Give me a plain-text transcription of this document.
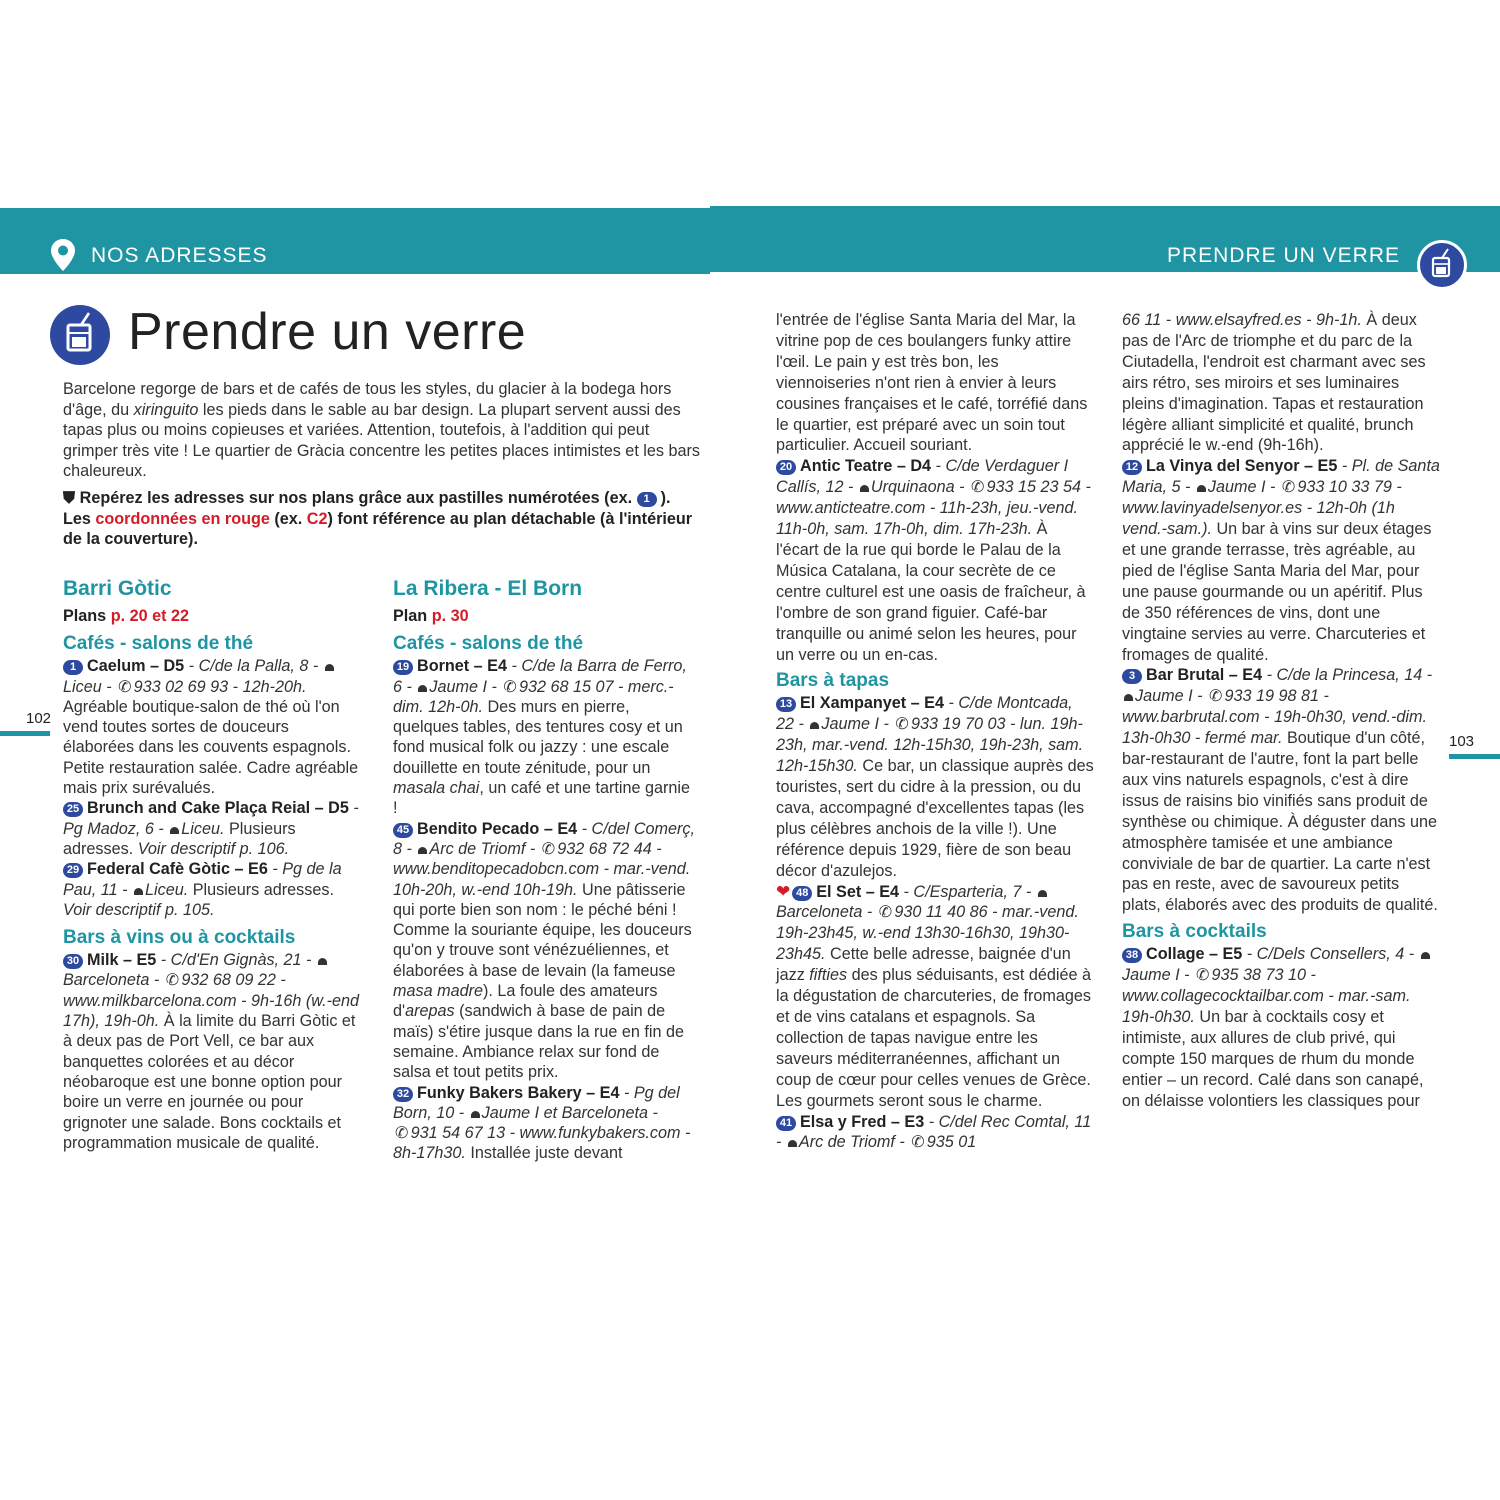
NOS ADRESSES	PRENDRE UN VERRE
Prendre un verre
102
103

Barcelone regorge de bars et de cafés de tous les styles, du glacier à la bodega hors d'âge, du xiringuito les pieds dans le sable au bar design. La plupart servent aussi des tapas plus ou moins copieuses et variées. Attention, toutefois, à l'addition qui peut grimper très vite ! Le quartier de Gràcia concentre les petites places intimistes et les bars chaleureux.

⛊ Repérez les adresses sur nos plans grâce aux pastilles numérotées (ex. 1 ).
Les coordonnées en rouge (ex. C2) font référence au plan détachable (à l'intérieur de la couverture).

Barri Gòtic

Plans p. 20 et 22

Cafés - salons de thé

1 Caelum – D5 - C/de la Palla, 8 - Liceu - ✆ 933 02 69 93 - 12h-20h. Agréable boutique-salon de thé où l'on vend toutes sortes de douceurs élaborées dans les couvents espagnols. Petite restauration salée. Cadre agréable mais prix surévalués.

25 Brunch and Cake Plaça Reial – D5 - Pg Madoz, 6 - Liceu. Plusieurs adresses. Voir descriptif p. 106.

29 Federal Cafè Gòtic – E6 - Pg de la Pau, 11 - Liceu. Plusieurs adresses. Voir descriptif p. 105.

Bars à vins ou à cocktails

30 Milk – E5 - C/d'En Gignàs, 21 - Barceloneta - ✆ 932 68 09 22 - www.milkbarcelona.com - 9h-16h (w.-end 17h), 19h-0h. À la limite du Barri Gòtic et à deux pas de Port Vell, ce bar aux banquettes colorées et au décor néobaroque est une bonne option pour boire un verre en journée ou pour grignoter une salade. Bons cocktails et programmation musicale de qualité.

La Ribera - El Born

Plan p. 30

Cafés - salons de thé

19 Bornet – E4 - C/de la Barra de Ferro, 6 - Jaume I - ✆ 932 68 15 07 - merc.-dim. 12h-0h. Des murs en pierre, quelques tables, des tentures cosy et un fond musical folk ou jazzy : une escale douillette en toute zénitude, pour un masala chai, un café et une tartine garnie !

45 Bendito Pecado – E4 - C/del Comerç, 8 - Arc de Triomf - ✆ 932 68 72 44 - www.benditopecadobcn.com - mar.-vend. 10h-20h, w.-end 10h-19h. Une pâtisserie qui porte bien son nom : le péché béni ! Comme la souriante équipe, les douceurs qu'on y trouve sont vénézuéliennes, et élaborées à base de levain (la fameuse masa madre). La foule des amateurs d'arepas (sandwich à base de pain de maïs) s'étire jusque dans la rue en fin de semaine. Ambiance relax sur fond de salsa et tout petits prix.

32 Funky Bakers Bakery – E4 - Pg del Born, 10 - Jaume I et Barceloneta - ✆ 931 54 67 13 - www.funkybakers.com - 8h-17h30. Installée juste devant

l'entrée de l'église Santa Maria del Mar, la vitrine pop de ces boulangers funky attire l'œil. Le pain y est très bon, les viennoiseries n'ont rien à envier à leurs cousines françaises et le café, torréfié dans le quartier, est préparé avec un soin tout particulier. Accueil souriant.

20 Antic Teatre – D4 - C/de Verdaguer I Callís, 12 - Urquinaona - ✆ 933 15 23 54 - www.anticteatre.com - 11h-23h, jeu.-vend. 11h-0h, sam. 17h-0h, dim. 17h-23h. À l'écart de la rue qui borde le Palau de la Música Catalana, la cour secrète de ce centre culturel est une oasis de fraîcheur, à l'ombre de son grand figuier. Café-bar tranquille ou animé selon les heures, pour un verre ou un en-cas.

Bars à tapas

13 El Xampanyet – E4 - C/de Montcada, 22 - Jaume I - ✆ 933 19 70 03 - lun. 19h-23h, mar.-vend. 12h-15h30, 19h-23h, sam. 12h-15h30. Ce bar, un classique auprès des touristes, sert du cidre à la pression, ou du cava, accompagné d'excellentes tapas (les plus célèbres anchois de la ville !). Une référence depuis 1929, fière de son beau décor d'azulejos.

❤ 48 El Set – E4 - C/Esparteria, 7 - Barceloneta - ✆ 930 11 40 86 - mar.-vend. 19h-23h45, w.-end 13h30-16h30, 19h30-23h45. Cette belle adresse, baignée d'un jazz fifties des plus séduisants, est dédiée à la dégustation de charcuteries, de fromages et de vins catalans et espagnols. Sa collection de tapas navigue entre les saveurs méditerranéennes, affichant un coup de cœur pour celles venues de Grèce. Les gourmets seront sous le charme.

41 Elsa y Fred – E3 - C/del Rec Comtal, 11 - Arc de Triomf - ✆ 935 01

66 11 - www.elsayfred.es - 9h-1h. À deux pas de l'Arc de triomphe et du parc de la Ciutadella, l'endroit est charmant avec ses airs rétro, ses miroirs et ses luminaires pleins d'imagination. Tapas et restauration légère alliant simplicité et qualité, brunch apprécié le w.-end (9h-16h).

12 La Vinya del Senyor – E5 - Pl. de Santa Maria, 5 - Jaume I - ✆ 933 10 33 79 - www.lavinyadelsenyor.es - 12h-0h (1h vend.-sam.). Un bar à vins sur deux étages et une grande terrasse, très agréable, au pied de l'église Santa Maria del Mar, pour une pause gourmande ou un apéritif. Plus de 350 références de vins, dont une vingtaine servies au verre. Charcuteries et fromages de qualité.

3 Bar Brutal – E4 - C/de la Princesa, 14 - Jaume I - ✆ 933 19 98 81 - www.barbrutal.com - 19h-0h30, vend.-dim. 13h-0h30 - fermé mar. Boutique d'un côté, bar-restaurant de l'autre, font la part belle aux vins naturels espagnols, c'est à dire issus de raisins bio vinifiés sans produit de synthèse ou chimique. À déguster dans une atmosphère tamisée et une ambiance conviviale de bar de quartier. La carte n'est pas en reste, avec de savoureux petits plats, élaborés avec des produits de qualité.

Bars à cocktails

38 Collage – E5 - C/Dels Consellers, 4 - Jaume I - ✆ 935 38 73 10 - www.collagecocktailbar.com - mar.-sam. 19h-0h30. Un bar à cocktails cosy et intimiste, aux allures de club privé, qui compte 150 marques de rhum du monde entier – un record. Calé dans son canapé, on délaisse volontiers les classiques pour
